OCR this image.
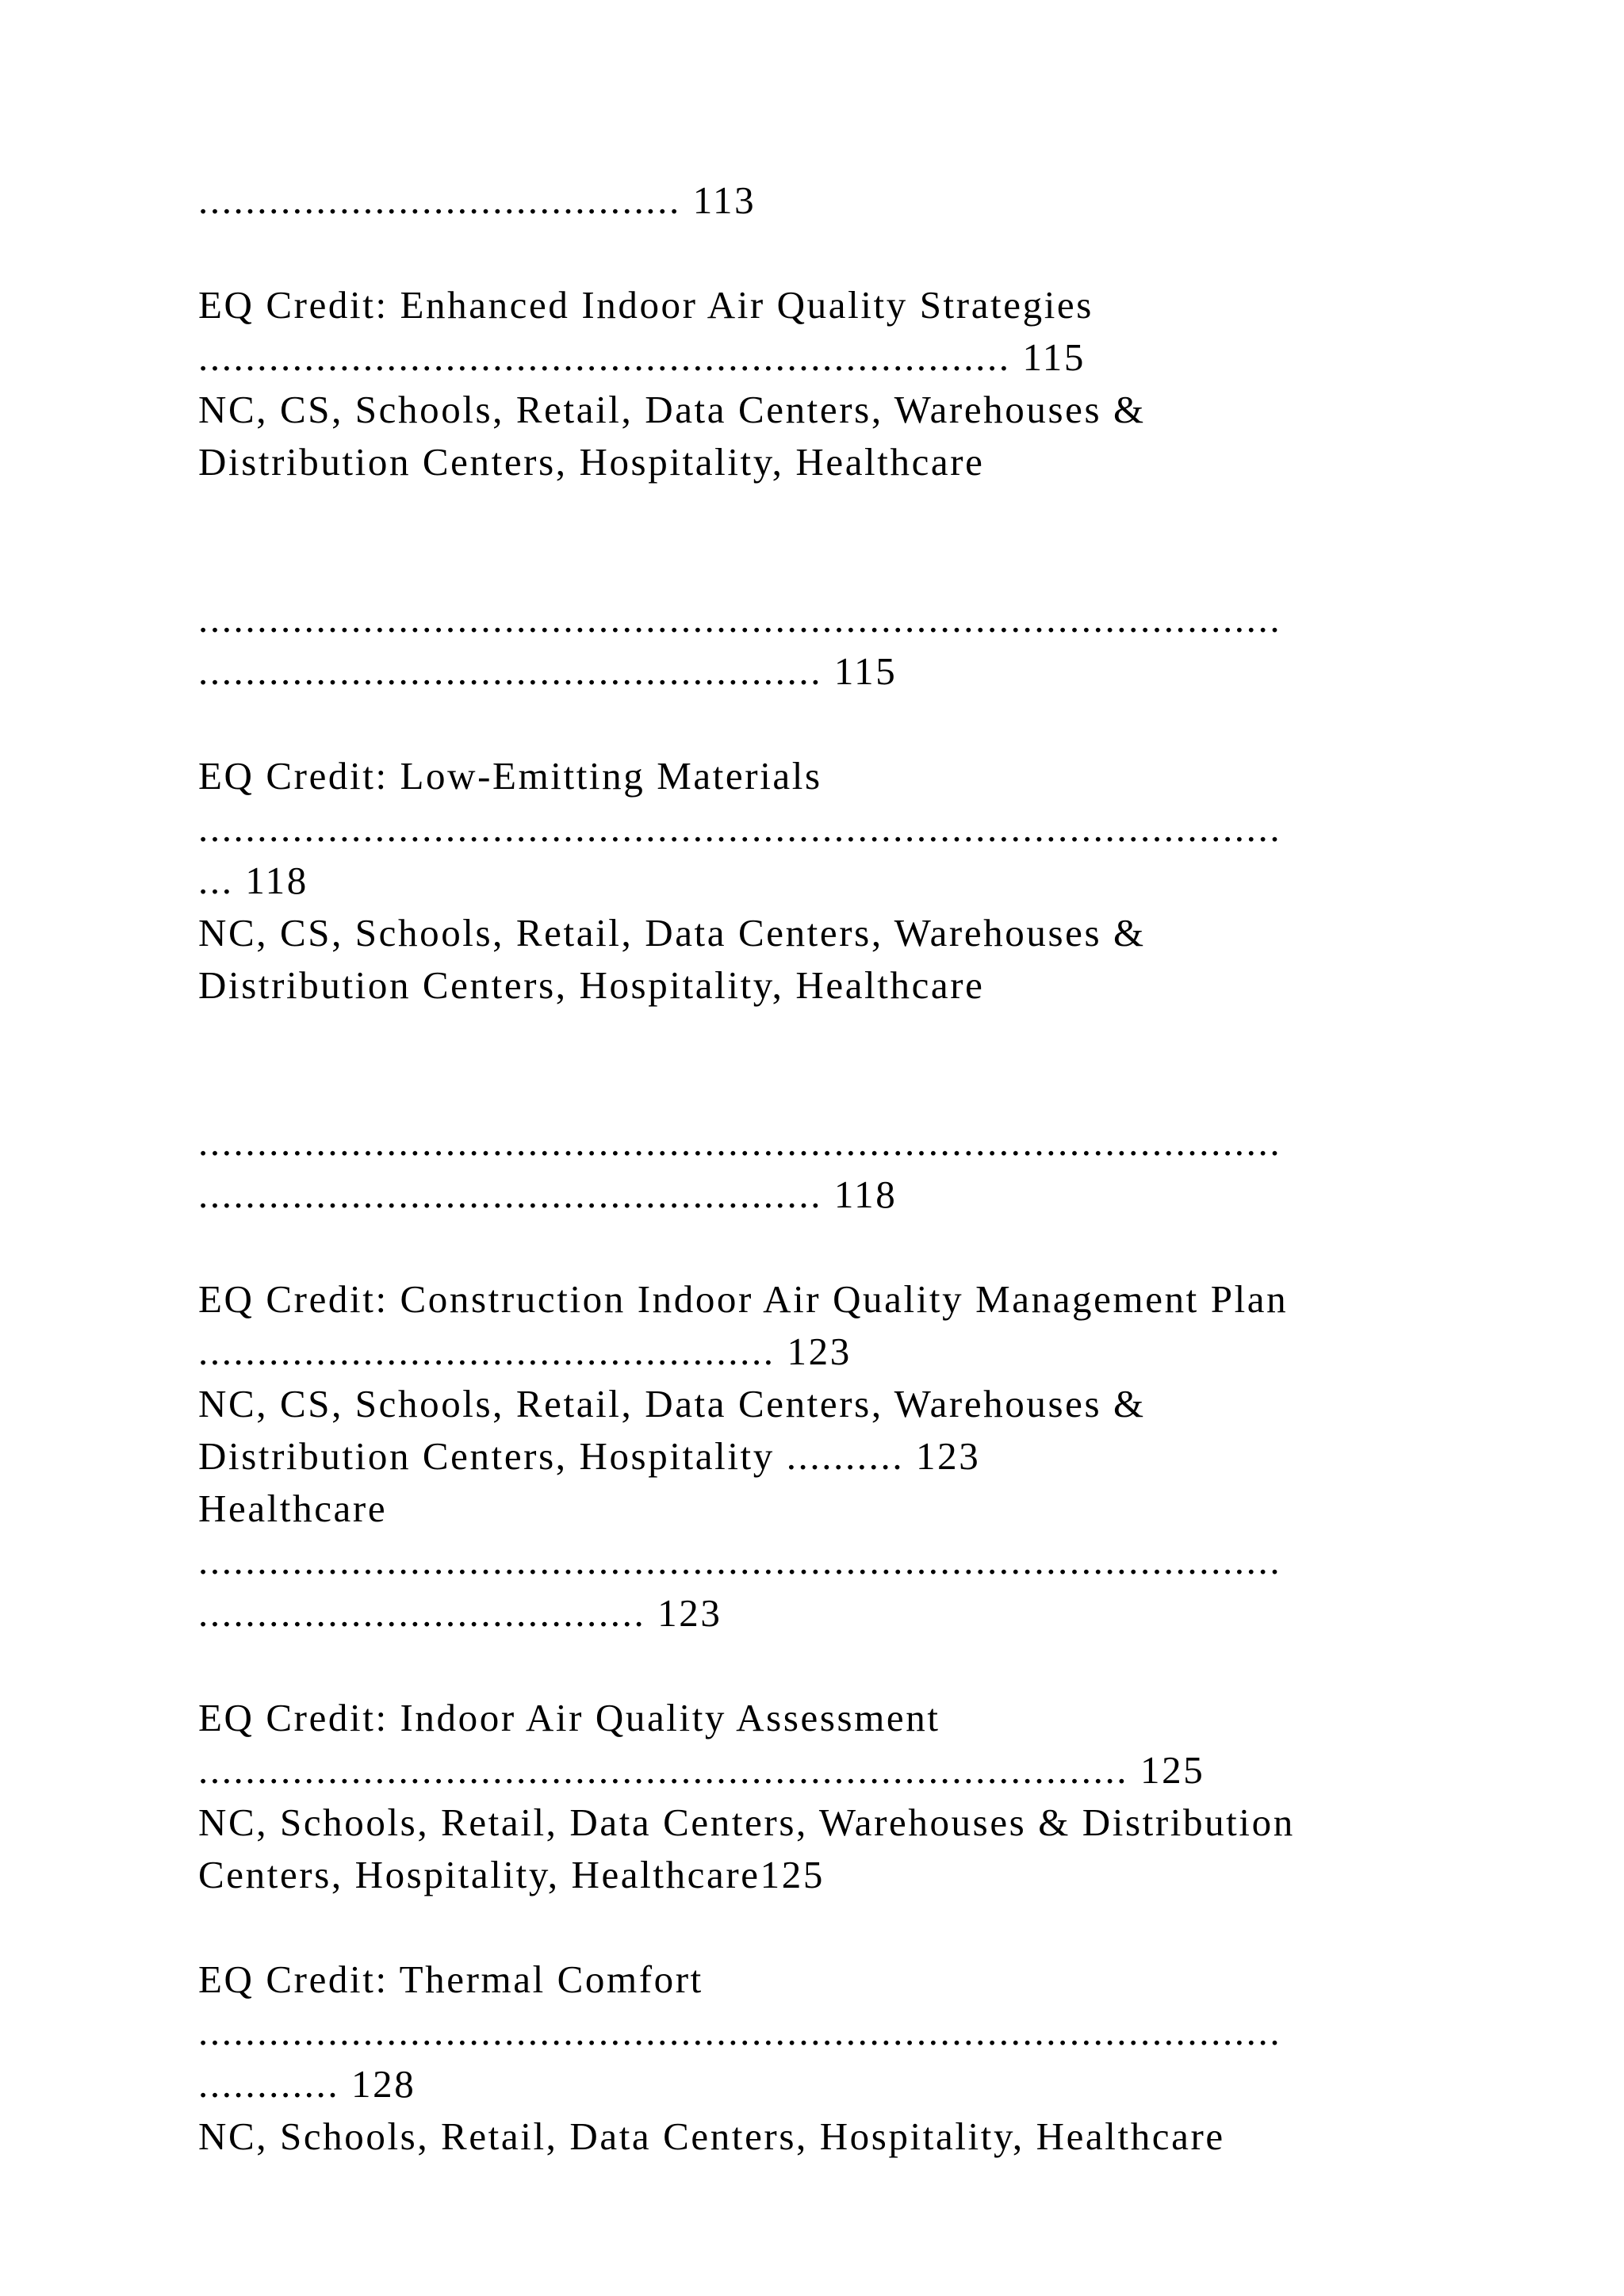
......................................... 113
EQ Credit: Enhanced Indoor Air Quality Strategies
..................................................................... 115
NC, CS, Schools, Retail, Data Centers, Warehouses &
Distribution Centers, Hospitality, Healthcare
............................................................................................
..................................................... 115
EQ Credit: Low-Emitting Materials
............................................................................................
... 118
NC, CS, Schools, Retail, Data Centers, Warehouses &
Distribution Centers, Hospitality, Healthcare
............................................................................................
..................................................... 118
EQ Credit: Construction Indoor Air Quality Management Plan
................................................. 123
NC, CS, Schools, Retail, Data Centers, Warehouses &
Distribution Centers, Hospitality .......... 123
Healthcare
............................................................................................
...................................... 123
EQ Credit: Indoor Air Quality Assessment
............................................................................... 125
NC, Schools, Retail, Data Centers, Warehouses & Distribution
Centers, Hospitality, Healthcare125
EQ Credit: Thermal Comfort
............................................................................................
............ 128
NC, Schools, Retail, Data Centers, Hospitality, Healthcare
